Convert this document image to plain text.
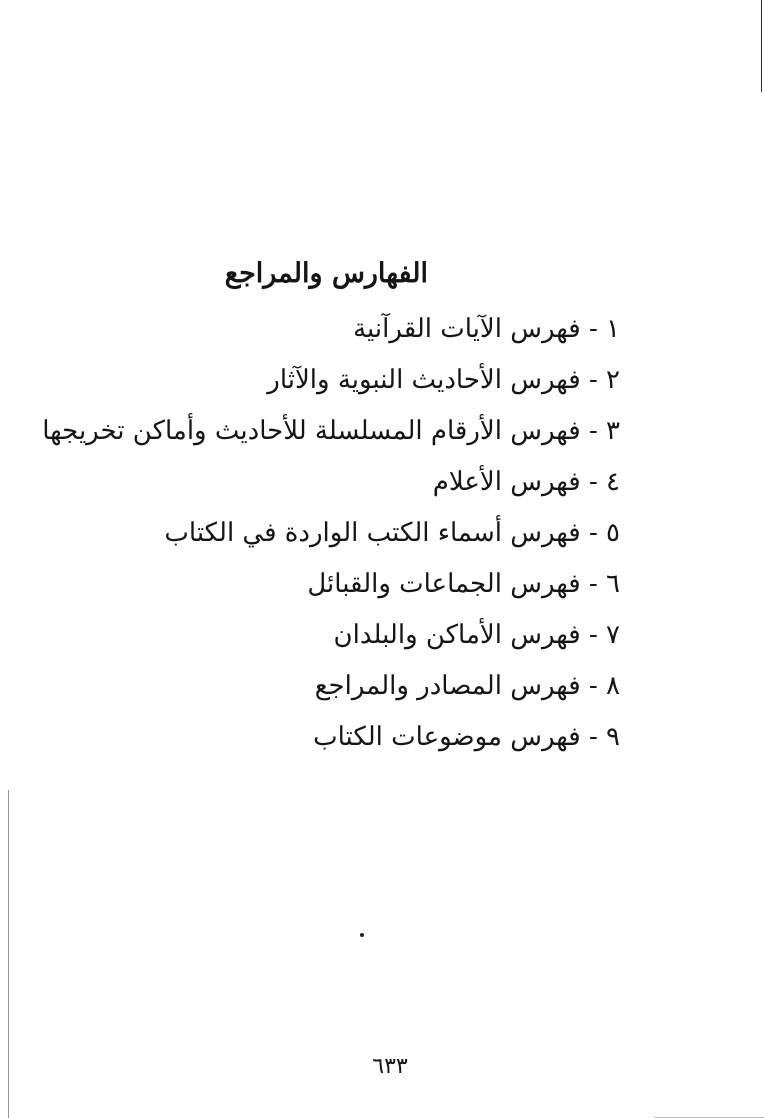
الفهارس والمراجع
١ - فهرس الآيات القرآنية
٢ - فهرس الأحاديث النبوية والآثار
٣ - فهرس الأرقام المسلسلة للأحاديث وأماكن تخريجها
٤ - فهرس الأعلام
٥ - فهرس أسماء الكتب الواردة في الكتاب
٦ - فهرس الجماعات والقبائل
٧ - فهرس الأماكن والبلدان
٨ - فهرس المصادر والمراجع
٩ - فهرس موضوعات الكتاب
٦٣٣
